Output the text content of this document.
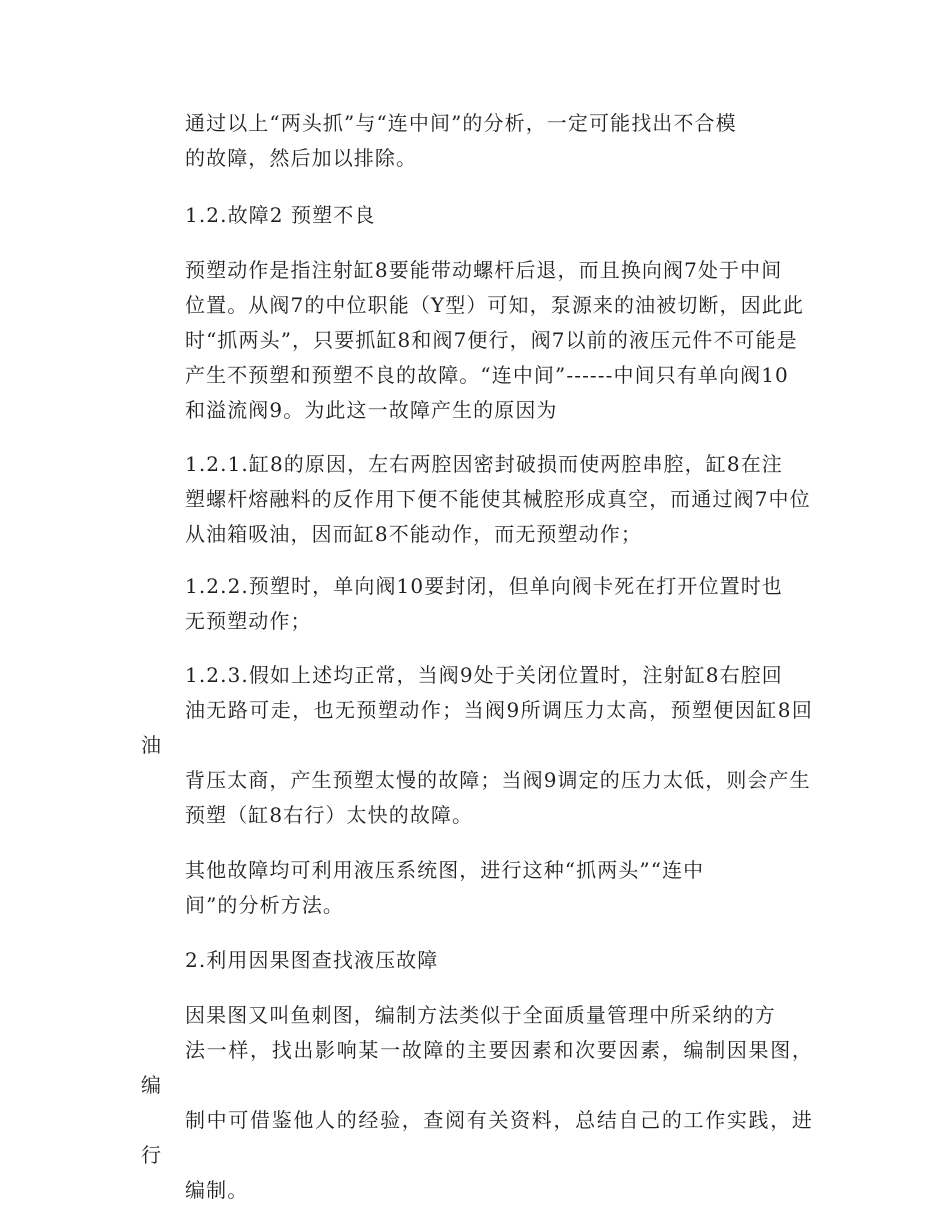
通过以上“两头抓”与“连中间”的分析，一定可能找出不合模
的故障，然后加以排除。

1.2.故障2 预塑不良

预塑动作是指注射缸8要能带动螺杆后退，而且换向阀7处于中间
位置。从阀7的中位职能（Y型）可知，泵源来的油被切断，因此此
时“抓两头”，只要抓缸8和阀7便行，阀7以前的液压元件不可能是
产生不预塑和预塑不良的故障。“连中间”------中间只有单向阀10
和溢流阀9。为此这一故障产生的原因为

1.2.1.缸8的原因，左右两腔因密封破损而使两腔串腔，缸8在注
塑螺杆熔融料的反作用下便不能使其械腔形成真空，而通过阀7中位
从油箱吸油，因而缸8不能动作，而无预塑动作；

1.2.2.预塑时，单向阀10要封闭，但单向阀卡死在打开位置时也
无预塑动作；

1.2.3.假如上述均正常，当阀9处于关闭位置时，注射缸8右腔回
油无路可走，也无预塑动作；当阀9所调压力太高，预塑便因缸8回油
背压太商，产生预塑太慢的故障；当阀9调定的压力太低，则会产生
预塑（缸8右行）太快的故障。

其他故障均可利用液压系统图，进行这种“抓两头”“连中
间”的分析方法。

2.利用因果图查找液压故障

因果图又叫鱼刺图，编制方法类似于全面质量管理中所采纳的方
法一样，找出影响某一故障的主要因素和次要因素，编制因果图，编
制中可借鉴他人的经验，查阅有关资料，总结自己的工作实践，进行
编制。
